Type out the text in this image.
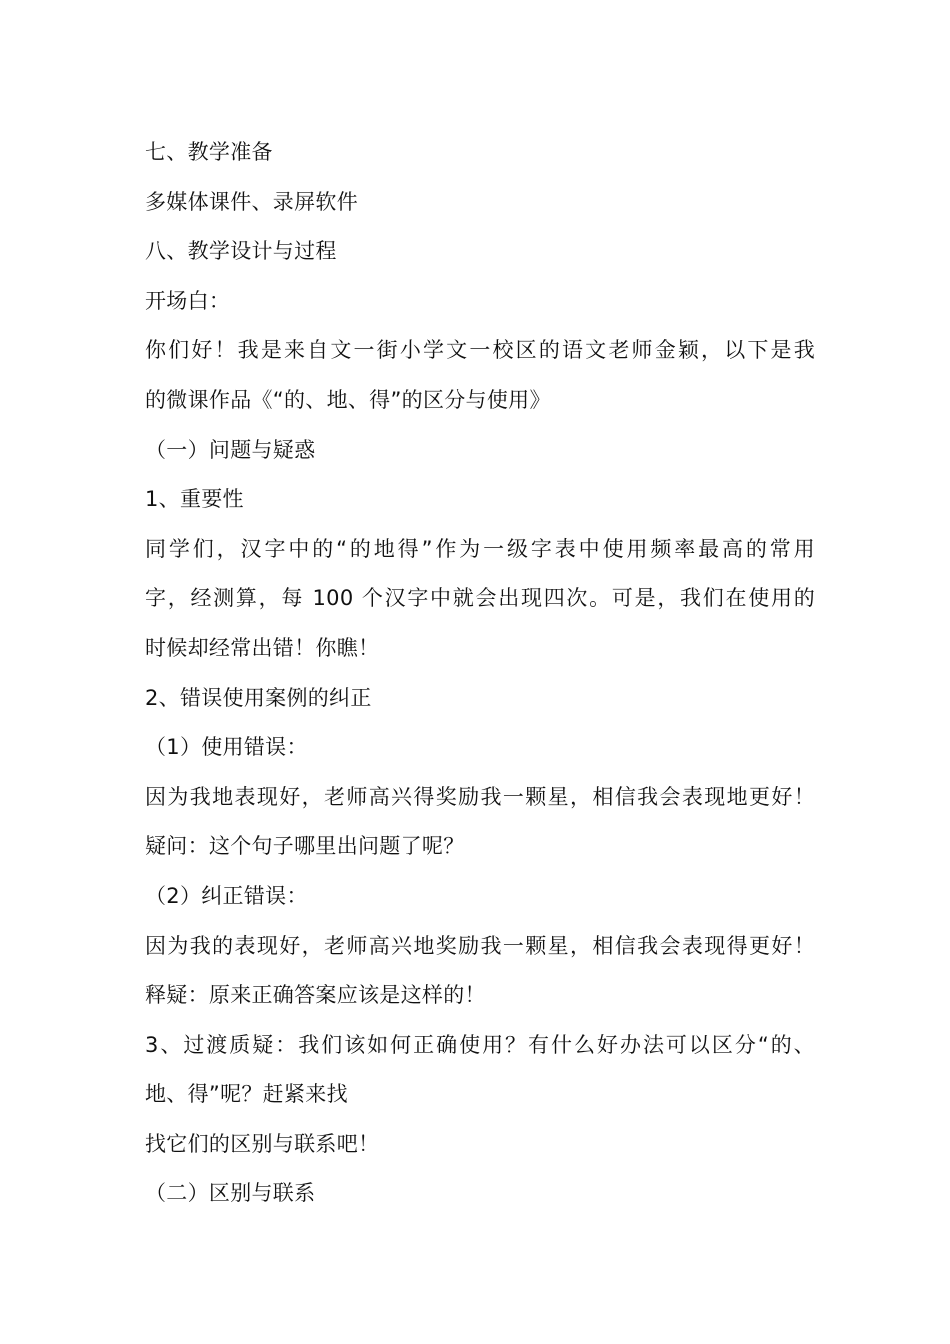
七、教学准备
多媒体课件、录屏软件
八、教学设计与过程
开场白：
你们好！我是来自文一街小学文一校区的语文老师金颖，以下是我
的微课作品《“的、地、得”的区分与使用》
（一）问题与疑惑
1、重要性
同学们，汉字中的“的地得”作为一级字表中使用频率最高的常用
字，经测算，每 100 个汉字中就会出现四次。可是，我们在使用的
时候却经常出错！你瞧！
2、错误使用案例的纠正
（1）使用错误：
因为我地表现好，老师高兴得奖励我一颗星，相信我会表现地更好！
疑问：这个句子哪里出问题了呢？
（2）纠正错误：
因为我的表现好，老师高兴地奖励我一颗星，相信我会表现得更好！
释疑：原来正确答案应该是这样的！
3、过渡质疑：我们该如何正确使用？有什么好办法可以区分“的、
地、得”呢？赶紧来找
找它们的区别与联系吧！
（二）区别与联系
